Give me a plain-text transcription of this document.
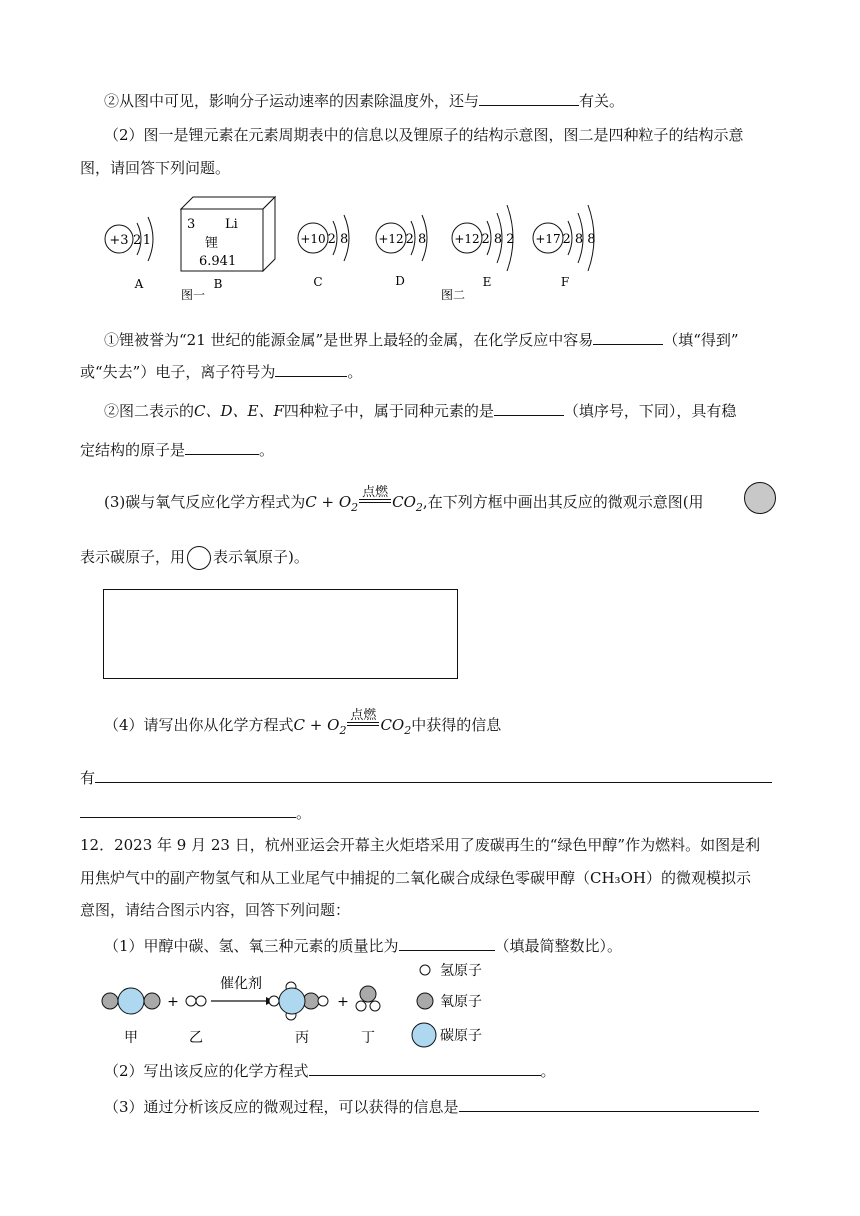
②从图中可见，影响分子运动速率的因素除温度外，还与	有关。
（2）图一是锂元素在元素周期表中的信息以及锂原子的结构示意图，图二是四种粒子的结构示意
图，请回答下列问题。
+3 2 1
A
3 Li
锂
6.941
B
图一
+10 2 8
C
+12 2 8
D
+12 2 8 2
E
图二
+17 2 8 8
F
①锂被誉为“21 世纪的能源金属”是世界上最轻的金属，在化学反应中容易	（填“得到”
或“失去”）电子，离子符号为	。
②图二表示的C、D、E、F四种粒子中，属于同种元素的是	（填序号，下同），具有稳
定结构的原子是	。
(3)碳与氧气反应化学方程式为$C + O_2$
点燃
$CO_2$,在下列方框中画出其反应的微观示意图(用
表示碳原子，用 表示氧原子)。
（4）请写出你从化学方程式$C + O_2$
点燃
$CO_2$中获得的信息
有
。
12．2023 年 9 月 23 日，杭州亚运会开幕主火炬塔采用了废碳再生的“绿色甲醇”作为燃料。如图是利
用焦炉气中的副产物氢气和从工业尾气中捕捉的二氧化碳合成绿色零碳甲醇（CH₃OH）的微观模拟示
意图，请结合图示内容，回答下列问题：
（1）甲醇中碳、氢、氧三种元素的质量比为	（填最简整数比）。
甲
+
乙
催化剂
丙
+
丁
氢原子
氧原子
碳原子
（2）写出该反应的化学方程式	。
（3）通过分析该反应的微观过程，可以获得的信息是
